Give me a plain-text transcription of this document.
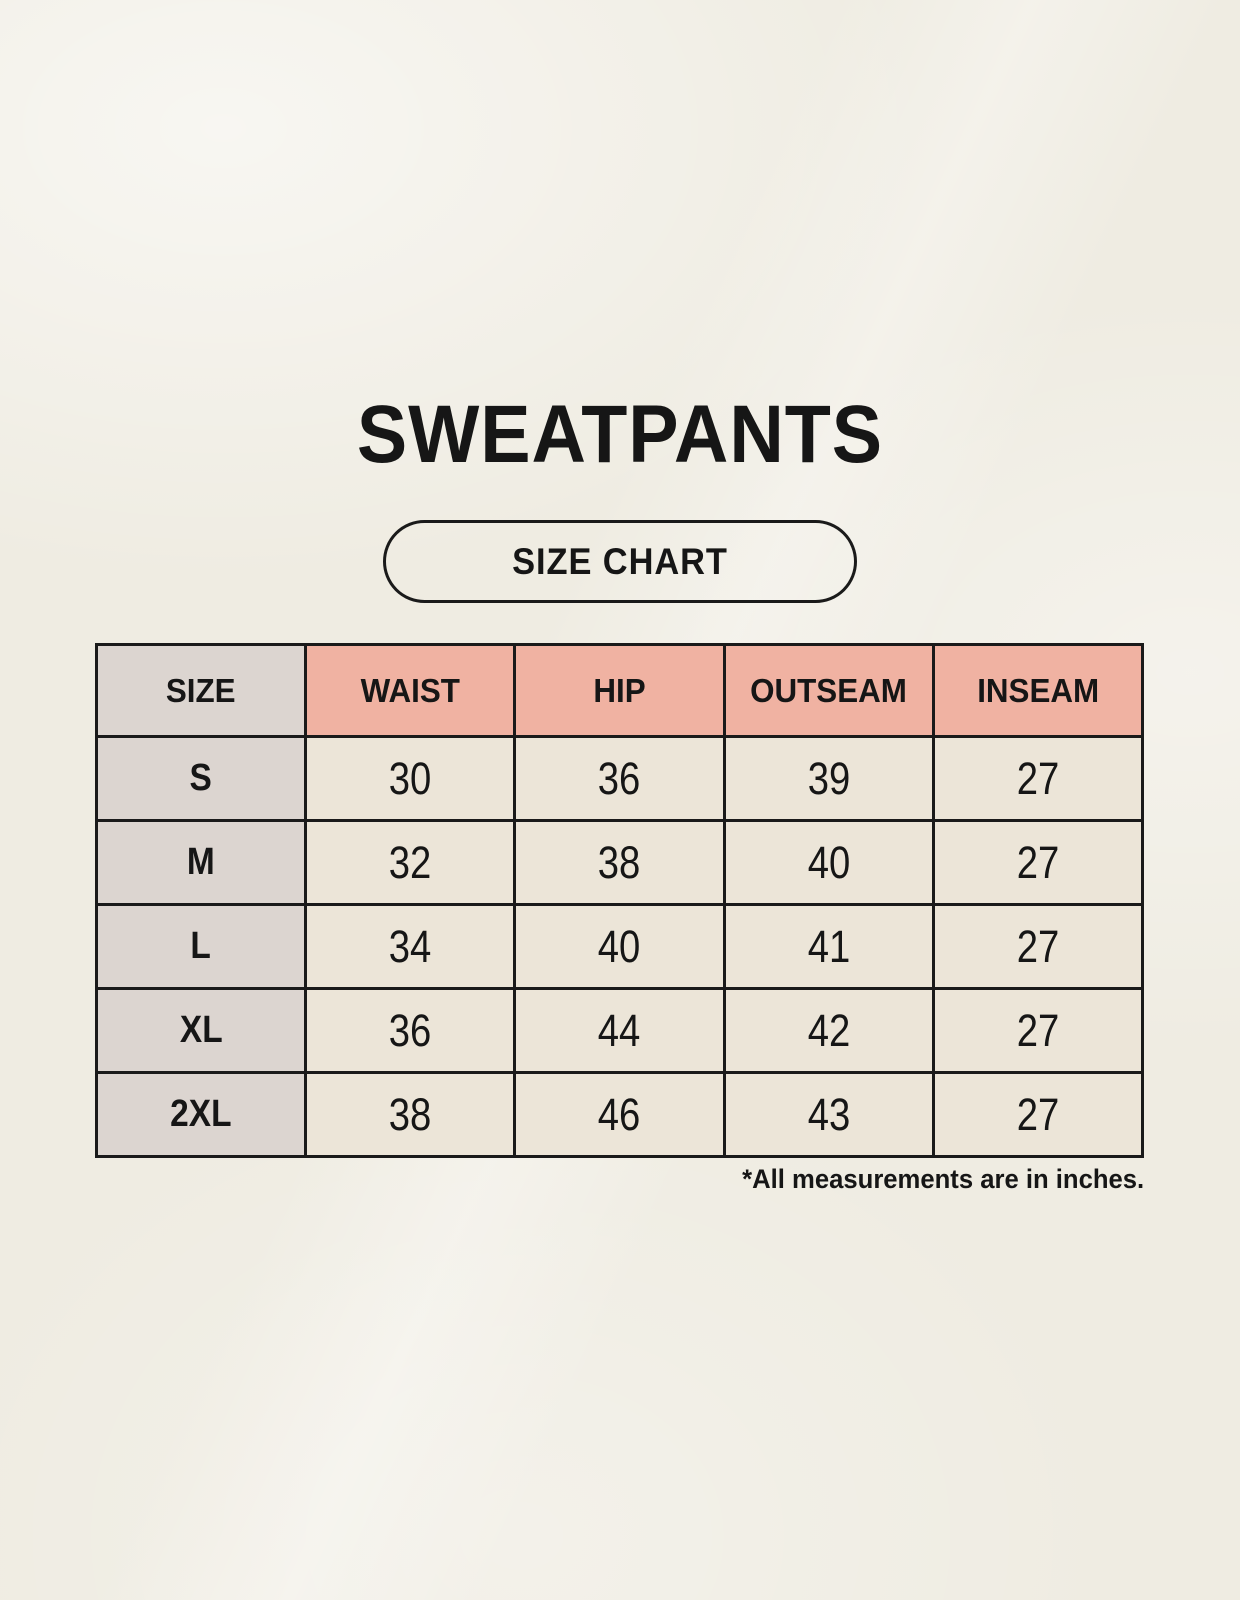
SWEATPANTS
SIZE CHART
SIZE	WAIST	HIP	OUTSEAM	INSEAM
S	30	36	39	27
M	32	38	40	27
L	34	40	41	27
XL	36	44	42	27
2XL	38	46	43	27
*All measurements are in inches.
